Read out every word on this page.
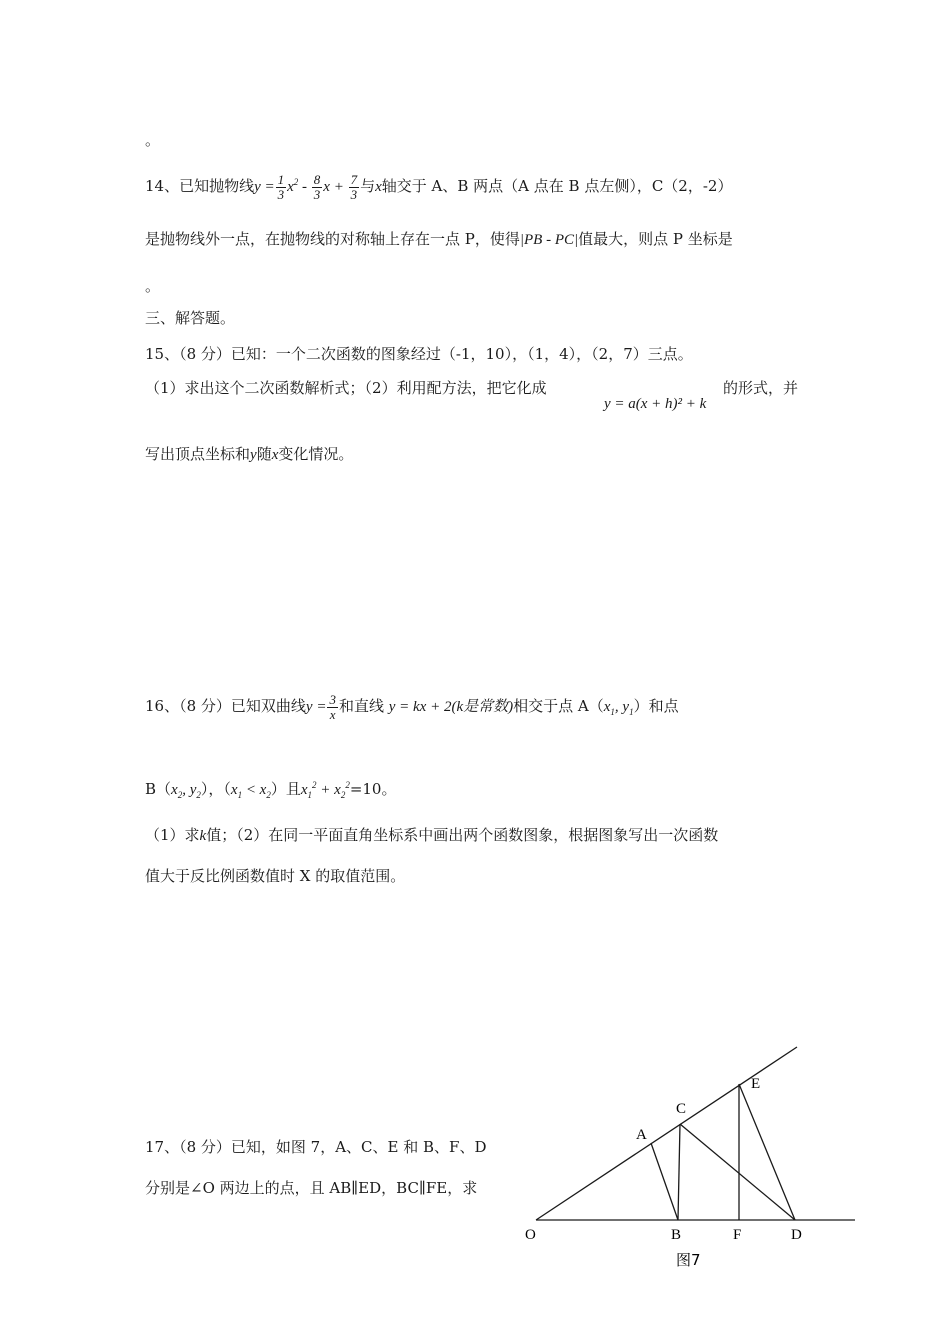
。
14、已知抛物线$y = \frac{1}{3} x^2 - \frac{8}{3}$ $x + \frac{7}{3}$ 与x轴交于 A、B 两点（A 点在 B 点左侧），C（2，-2）
是抛物线外一点，在抛物线的对称轴上存在一点 P，使得|PB - PC|值最大，则点 P 坐标是
。
三、解答题。
15、（8 分）已知：一个二次函数的图象经过（-1，10），（1，4），（2，7）三点。
（1）求出这个二次函数解析式；（2）利用配方法，把它化成
y = a(x + h)² + k
的形式，并
写出顶点坐标和y随x变化情况。
16、（8 分）已知双曲线$y = \frac{3}{x}$ 和直线 y = kx + 2(k是常数)相交于点 $A(x_1$, $y_1$）和点
$B(x_2$, $y_2$），$(x_1 < x_2)$且$x_1^2 + x_2^2=10$。
（1）求k值；（2）在同一平面直角坐标系中画出两个函数图象，根据图象写出一次函数
值大于反比例函数值时 X 的取值范围。
17、（8 分）已知，如图 7，A、C、E 和 B、F、D
分别是∠O 两边上的点，且 AB∥ED，BC∥FE，求
O
A
C
E
B	F	D
图7
